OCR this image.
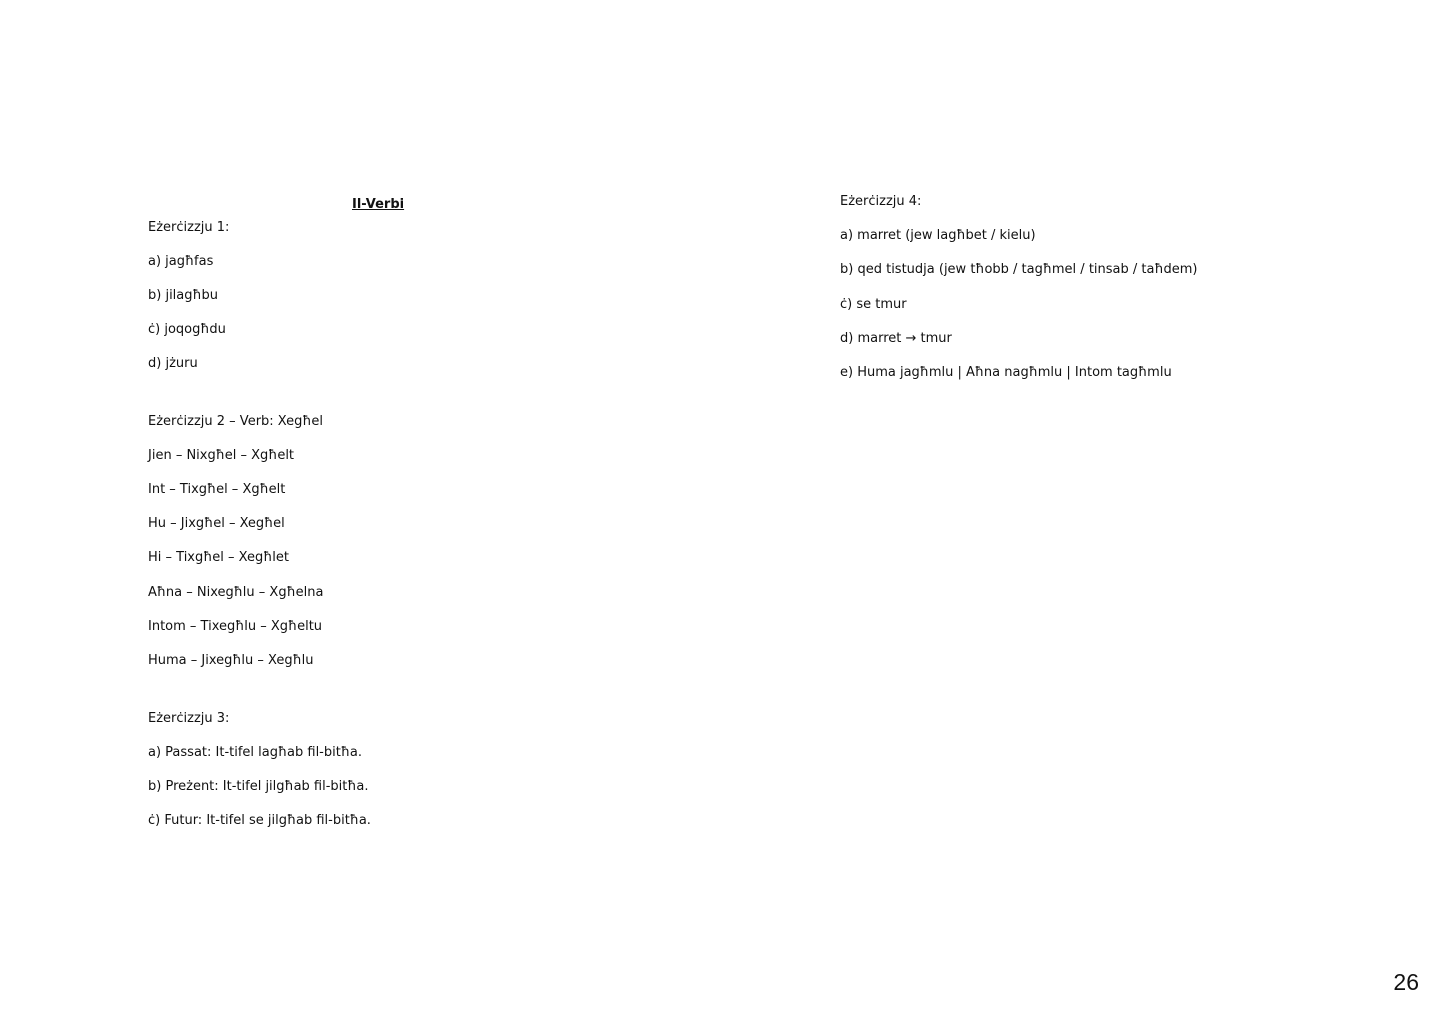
Il-Verbi
Eżerċizzju 1:
a) jagħfas
b) jilagħbu
ċ) joqogħdu
d) jżuru
Eżerċizzju 2 – Verb: Xegħel
Jien – Nixgħel – Xgħelt
Int – Tixgħel – Xgħelt
Hu – Jixgħel – Xegħel
Hi – Tixgħel – Xegħlet
Aħna – Nixegħlu – Xgħelna
Intom – Tixegħlu – Xgħeltu
Huma – Jixegħlu – Xegħlu
Eżerċizzju 3:
a) Passat: It-tifel lagħab fil-bitħa.
b) Preżent: It-tifel jilgħab fil-bitħa.
ċ) Futur: It-tifel se jilgħab fil-bitħa.
Eżerċizzju 4:
a) marret (jew lagħbet / kielu)
b) qed tistudja (jew tħobb / tagħmel / tinsab / taħdem)
ċ) se tmur
d) marret → tmur
e) Huma jagħmlu | Aħna nagħmlu | Intom tagħmlu
26
